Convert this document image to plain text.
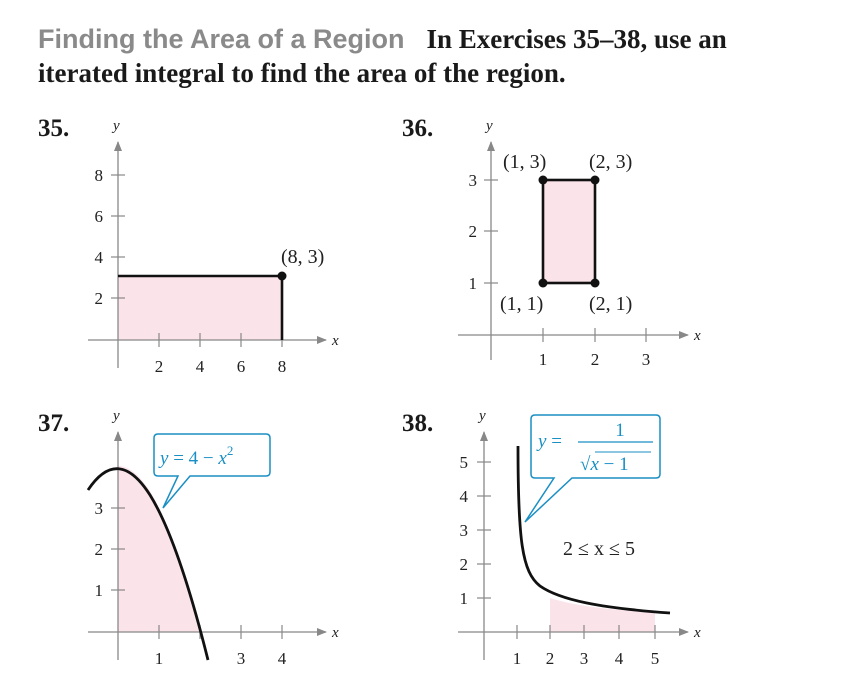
Finding the Area of a Region In Exercises 35–38, use an
iterated integral to find the area of the region.
35.	36.
37.	38.
2 4 6 8
2
4
6
8
x
y
(8, 3)
1	2	3
1
2
3
x
y
(1, 3) (2, 3)
(1, 1) (2, 1)
1	3 4
1
2
3
x
y
$y = 4 - x^2$
1 2 3 4 5
1
2
3
4
5
x
y
y =
1
√x − 1
2 ≤ x ≤ 5
